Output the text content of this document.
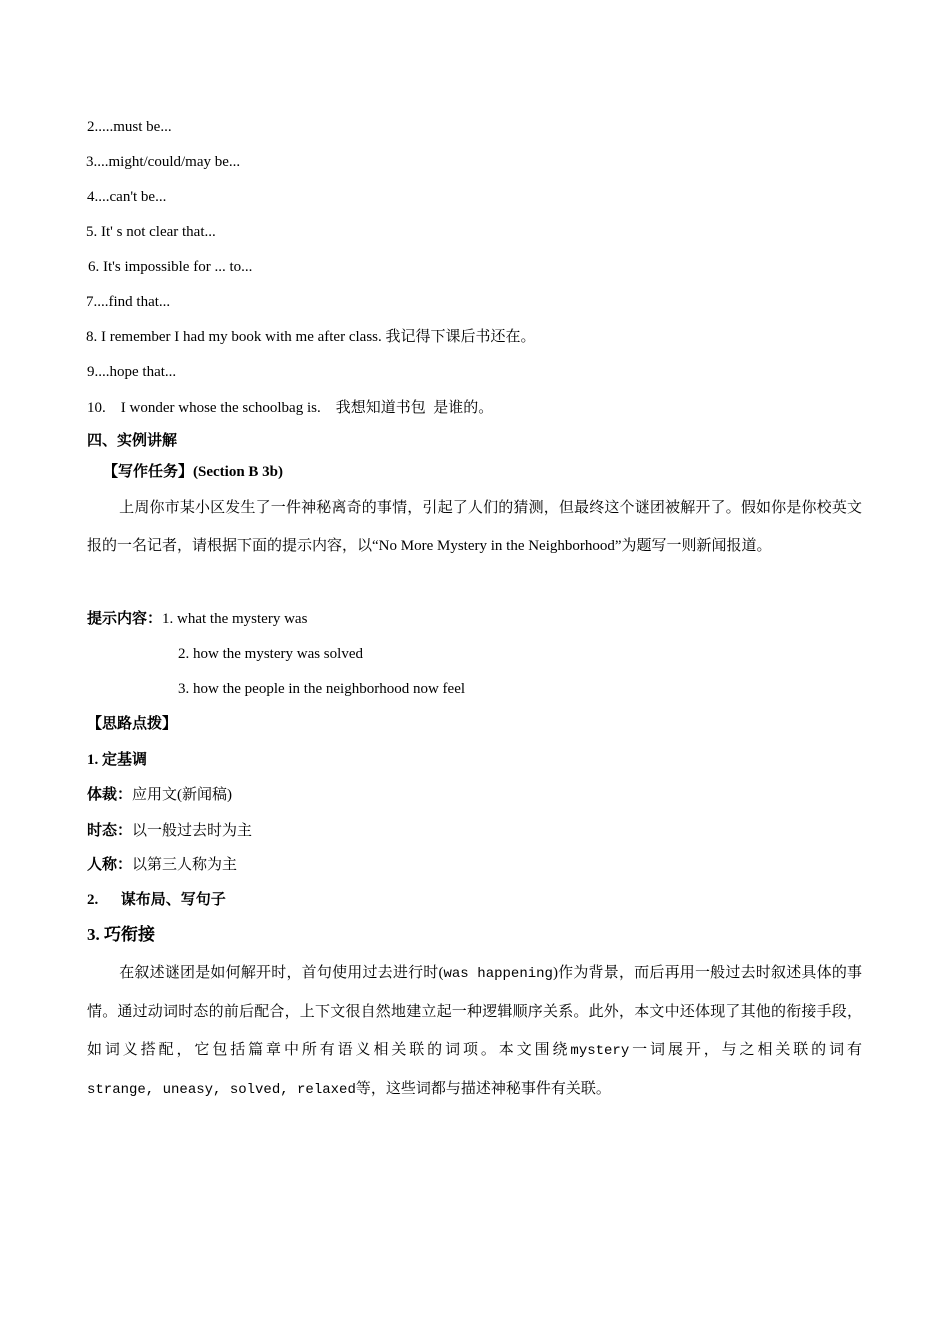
2.....must be...
3....might/could/may be...
4....can't be...
5. It' s not clear that...
6. It's impossible for ... to...
7....find that...
8. I remember I had my book with me after class. 我记得下课后书还在。
9....hope that...
10.    I wonder whose the schoolbag is.    我想知道书包  是谁的。
四、实例讲解
【写作任务】(Section B 3b)
上周你市某小区发生了一件神秘离奇的事情，引起了人们的猜测，但最终这个谜团被解开了。假如你是你校英文报的一名记者，请根据下面的提示内容，以“No More Mystery in the Neighborhood”为题写一则新闻报道。
提示内容：1. what the mystery was
2. how the mystery was solved
3. how the people in the neighborhood now feel
【思路点拨】
1. 定基调
体裁：应用文(新闻稿)
时态：以一般过去时为主
人称：以第三人称为主
2.      谋布局、写句子
3. 巧衔接
在叙述谜团是如何解开时，首句使用过去进行时(was happening)作为背景，而后再用一般过去时叙述具体的事情。通过动词时态的前后配合，上下文很自然地建立起一种逻辑顺序关系。此外，本文中还体现了其他的衔接手段，如词义搭配，它包括篇章中所有语义相关联的词项。本文围绕mystery一词展开，与之相关联的词有strange, uneasy, solved, relaxed等，这些词都与描述神秘事件有关联。
